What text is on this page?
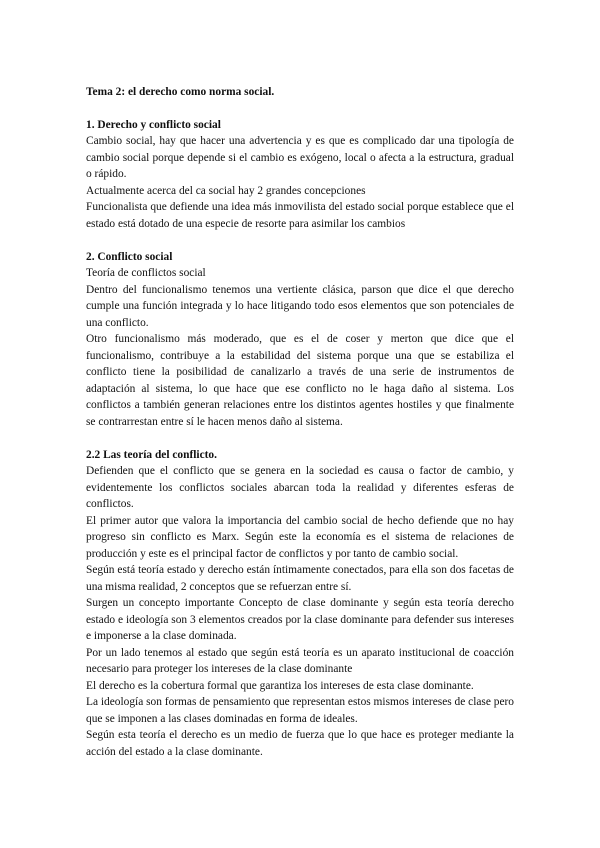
Tema 2: el derecho como norma social.

1. Derecho y conflicto social

Cambio social, hay que hacer una advertencia y es que es complicado dar una tipología de cambio social porque depende si el cambio es exógeno, local o afecta a la estructura, gradual o rápido.

Actualmente acerca del ca social hay 2 grandes concepciones

Funcionalista que defiende una idea más inmovilista del estado social porque establece que el estado está dotado de una especie de resorte para asimilar los cambios

2. Conflicto social

Teoría de conflictos social

Dentro del funcionalismo tenemos una vertiente clásica, parson que dice el que derecho cumple una función integrada y lo hace litigando todo esos elementos que son potenciales de una conflicto.

Otro funcionalismo más moderado, que es el de coser y merton que dice que el funcionalismo, contribuye a la estabilidad del sistema porque una que se estabiliza el conflicto tiene la posibilidad de canalizarlo a través de una serie de instrumentos de adaptación al sistema, lo que hace que ese conflicto no le haga daño al sistema. Los conflictos a también generan relaciones entre los distintos agentes hostiles y que finalmente se contrarrestan entre sí le hacen menos daño al sistema.

2.2 Las teoría del conflicto.

Defienden que el conflicto que se genera en la sociedad es causa o factor de cambio, y evidentemente los conflictos sociales abarcan toda la realidad y diferentes esferas de conflictos.

El primer autor que valora la importancia del cambio social de hecho defiende que no hay progreso sin conflicto es Marx. Según este la economía es el sistema de relaciones de producción y este es el principal factor de conflictos y por tanto de cambio social.

Según está teoría estado y derecho están íntimamente conectados, para ella son dos facetas de una misma realidad, 2 conceptos que se refuerzan entre sí.

Surgen un concepto importante Concepto de clase dominante y según esta teoría derecho estado e ideología son 3 elementos creados por la clase dominante para defender sus intereses e imponerse a la clase dominada.

Por un lado tenemos al estado que según está teoría es un aparato institucional de coacción necesario para proteger los intereses de la clase dominante

El derecho es la cobertura formal que garantiza los intereses de esta clase dominante.

La ideología son formas de pensamiento que representan estos mismos intereses de clase pero que se imponen a las clases dominadas en forma de ideales.

Según esta teoría el derecho es un medio de fuerza que lo que hace es proteger mediante la acción del estado a la clase dominante.
